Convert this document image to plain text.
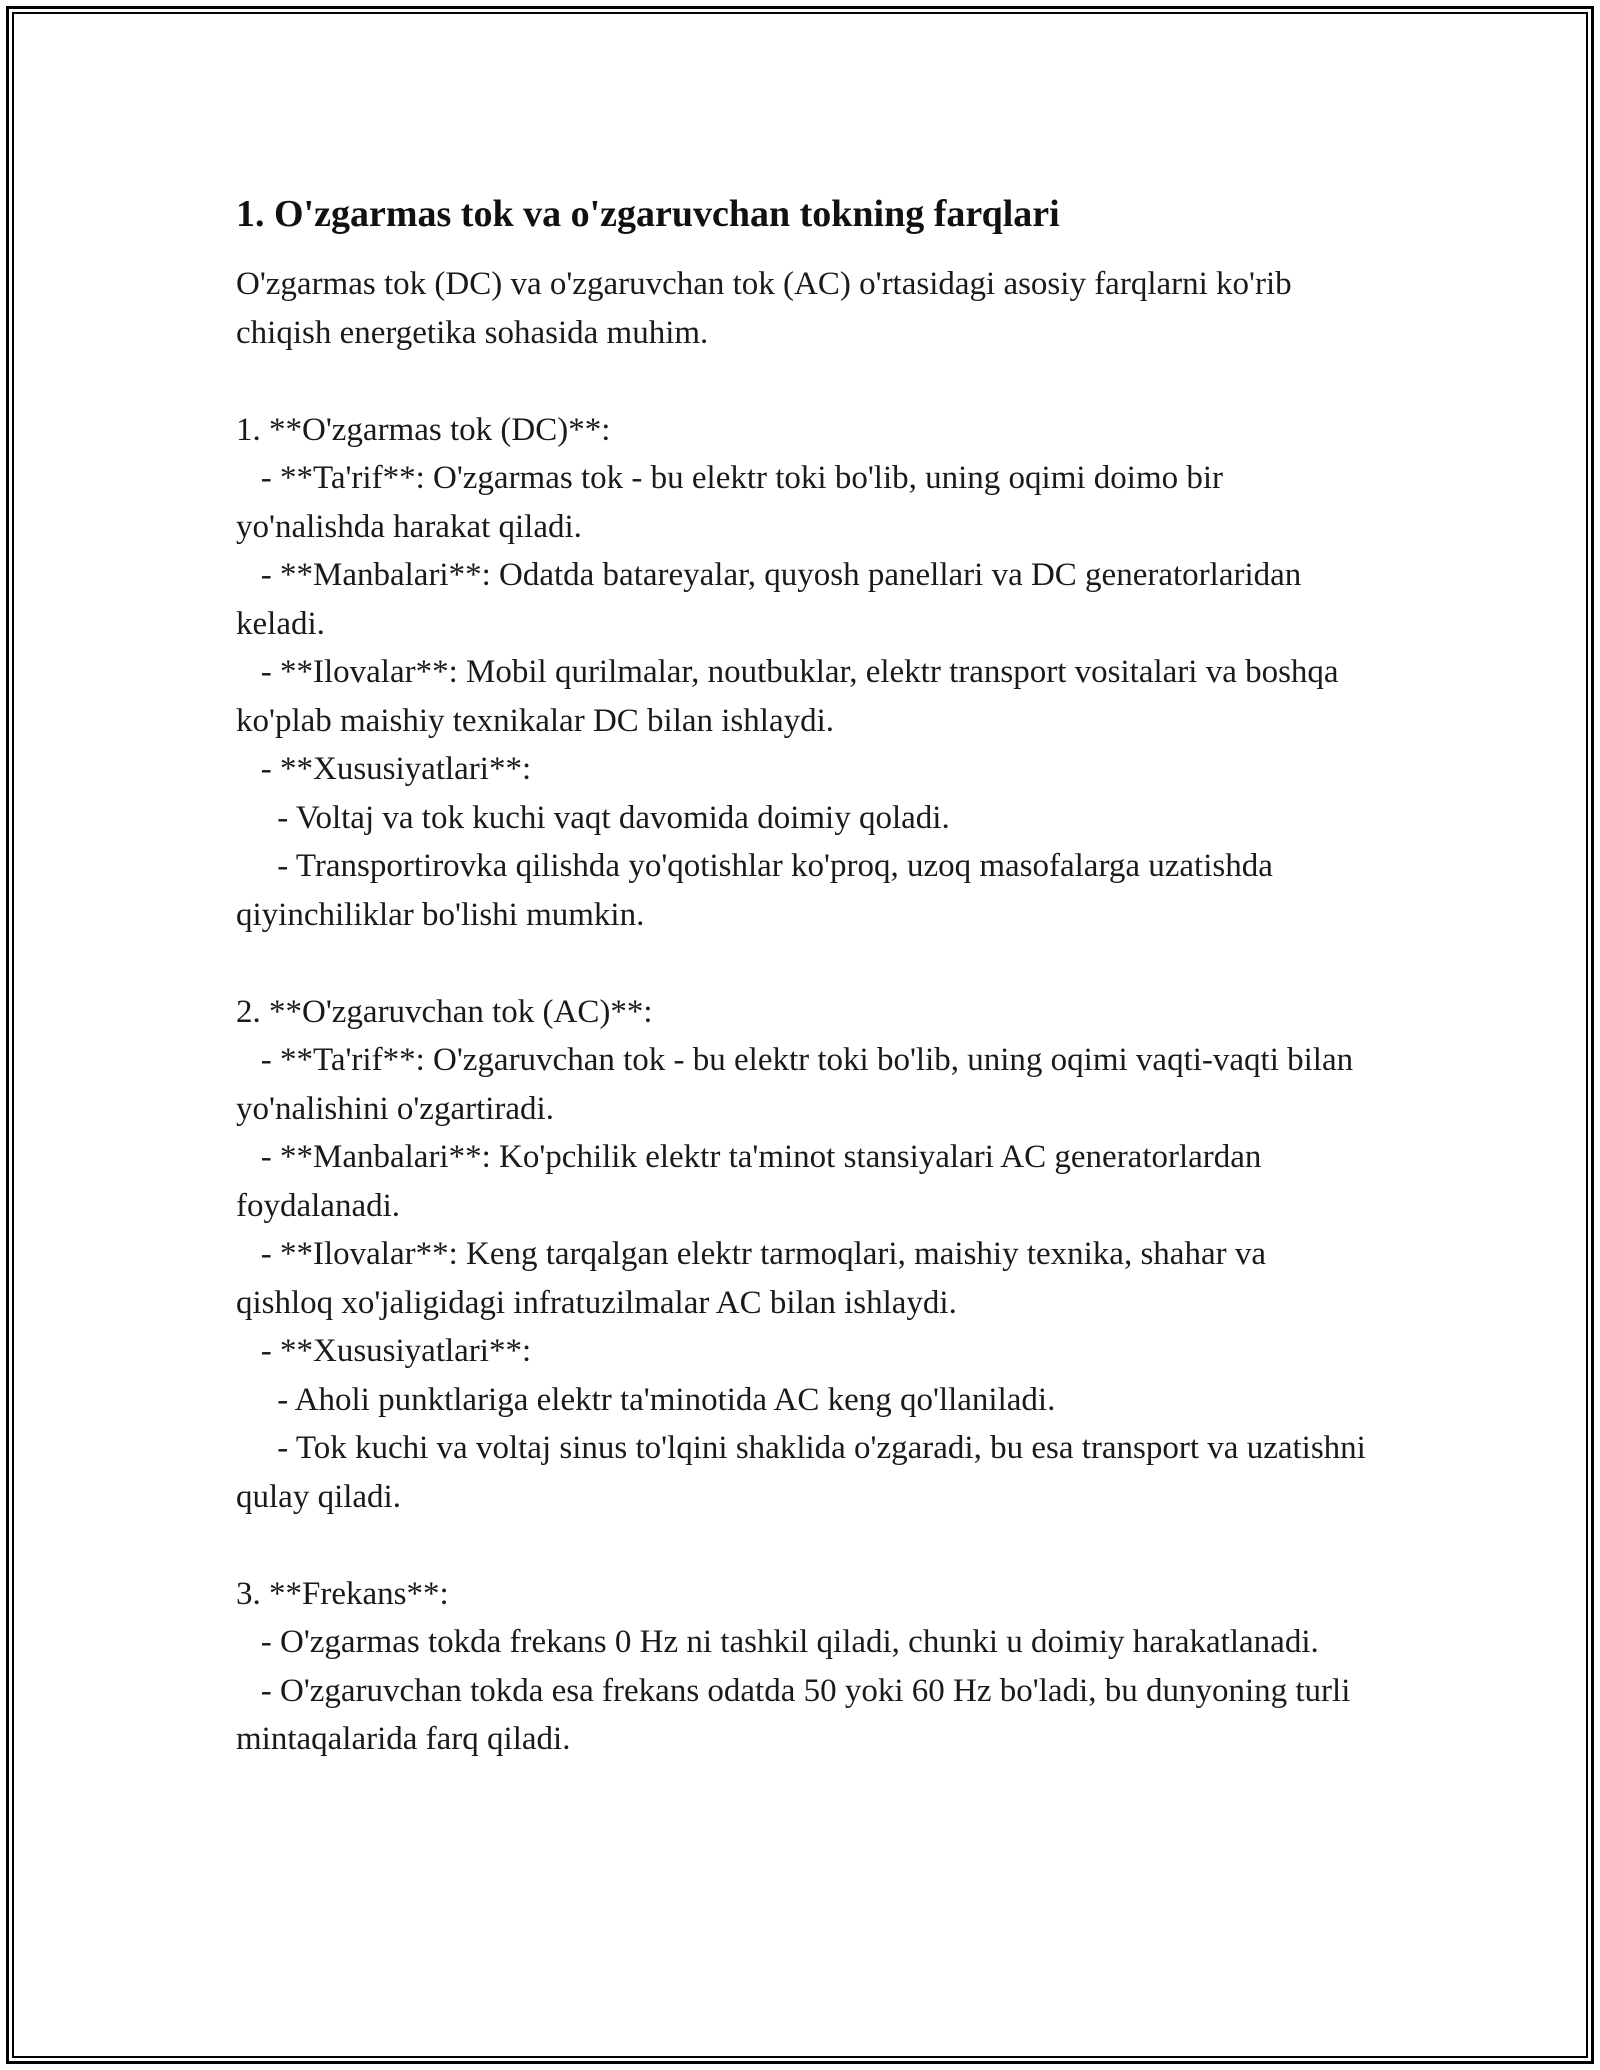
1. O'zgarmas tok va o'zgaruvchan tokning farqlari

O'zgarmas tok (DC) va o'zgaruvchan tok (AC) o'rtasidagi asosiy farqlarni ko'rib chiqish energetika sohasida muhim.

1. **O'zgarmas tok (DC)**:
- **Ta'rif**: O'zgarmas tok - bu elektr toki bo'lib, uning oqimi doimo bir yo'nalishda harakat qiladi.
- **Manbalari**: Odatda batareyalar, quyosh panellari va DC generatorlaridan keladi.
- **Ilovalar**: Mobil qurilmalar, noutbuklar, elektr transport vositalari va boshqa ko'plab maishiy texnikalar DC bilan ishlaydi.
- **Xususiyatlari**:
- Voltaj va tok kuchi vaqt davomida doimiy qoladi.
- Transportirovka qilishda yo'qotishlar ko'proq, uzoq masofalarga uzatishda qiyinchiliklar bo'lishi mumkin.

2. **O'zgaruvchan tok (AC)**:
- **Ta'rif**: O'zgaruvchan tok - bu elektr toki bo'lib, uning oqimi vaqti-vaqti bilan yo'nalishini o'zgartiradi.
- **Manbalari**: Ko'pchilik elektr ta'minot stansiyalari AC generatorlardan foydalanadi.
- **Ilovalar**: Keng tarqalgan elektr tarmoqlari, maishiy texnika, shahar va qishloq xo'jaligidagi infratuzilmalar AC bilan ishlaydi.
- **Xususiyatlari**:
- Aholi punktlariga elektr ta'minotida AC keng qo'llaniladi.
- Tok kuchi va voltaj sinus to'lqini shaklida o'zgaradi, bu esa transport va uzatishni qulay qiladi.

3. **Frekans**:
- O'zgarmas tokda frekans 0 Hz ni tashkil qiladi, chunki u doimiy harakatlanadi.
- O'zgaruvchan tokda esa frekans odatda 50 yoki 60 Hz bo'ladi, bu dunyoning turli mintaqalarida farq qiladi.
